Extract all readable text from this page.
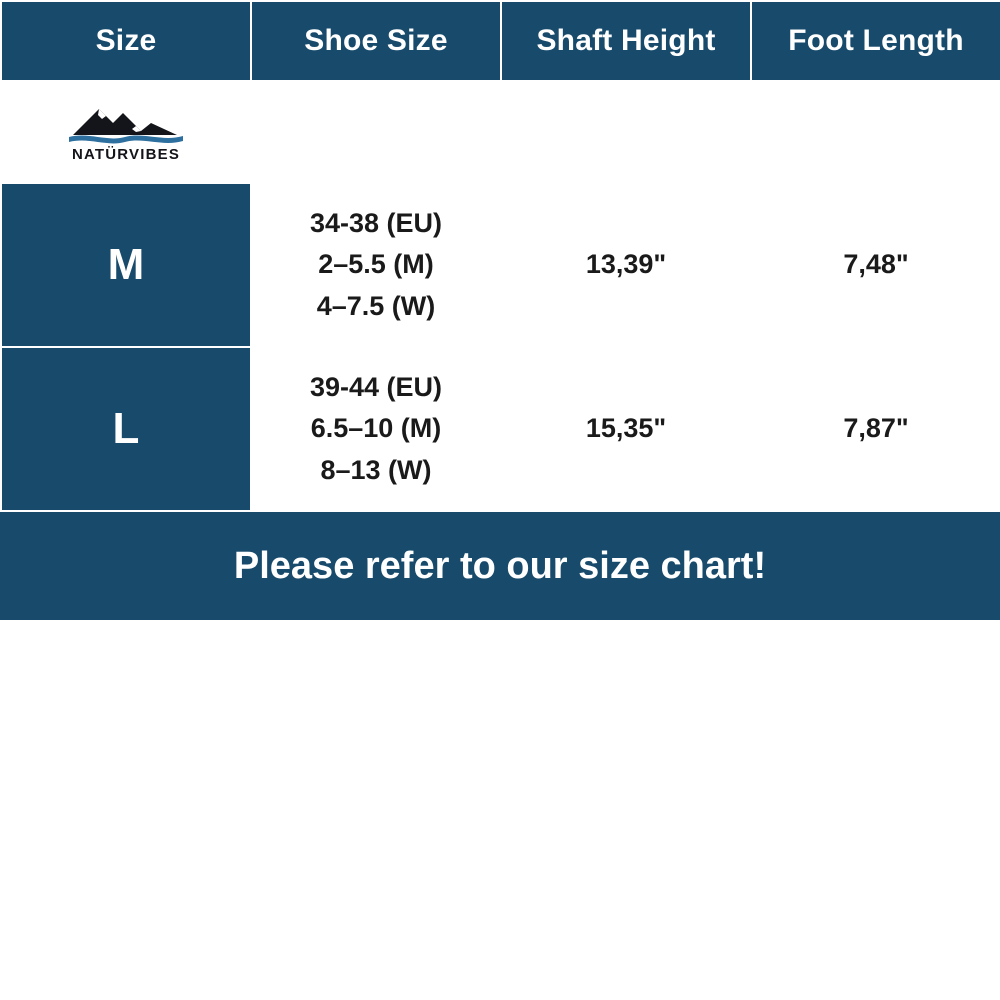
Size	Shoe Size	Shaft Height	Foot Length

NATÜRVIBES			

M	34-38 (EU)
2–5.5 (M)
4–7.5 (W)	13,39"	7,48"
L	39-44 (EU)
6.5–10 (M)
8–13 (W)	15,35"	7,87"
Please refer to our size chart!
